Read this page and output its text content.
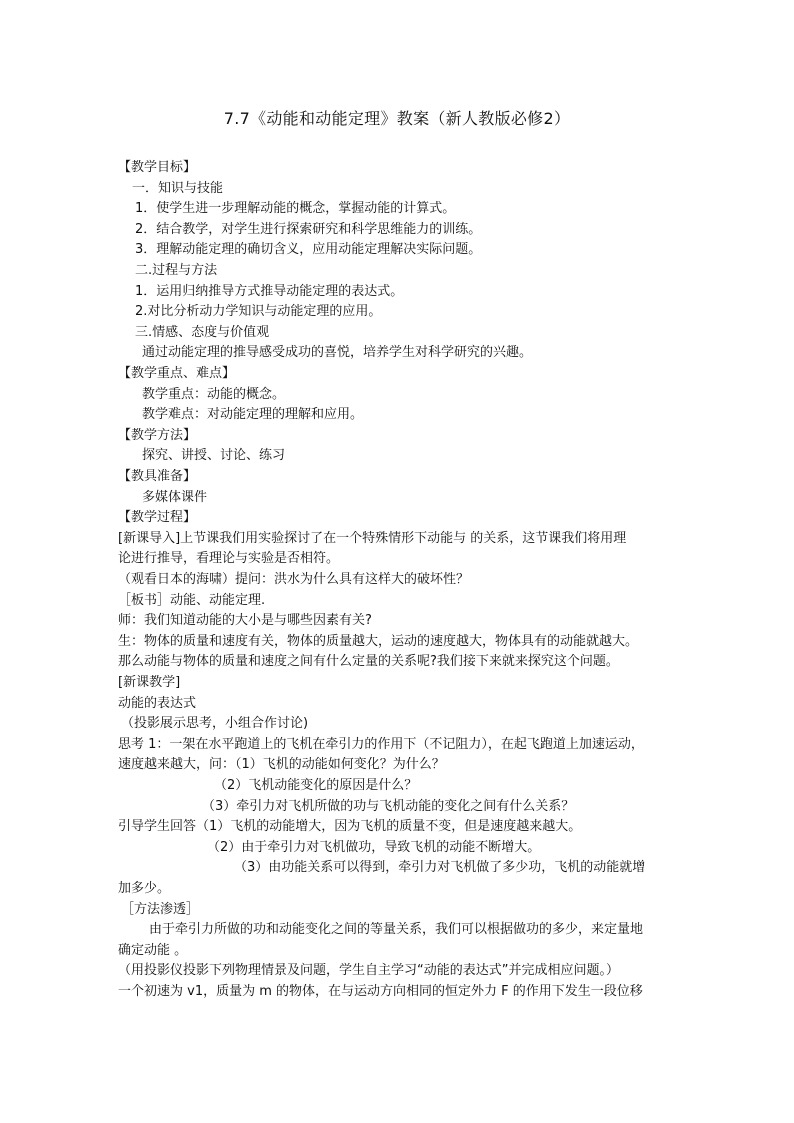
7.7《动能和动能定理》教案（新人教版必修2）
【教学目标】
一．知识与技能
1．使学生进一步理解动能的概念，掌握动能的计算式。
2．结合教学，对学生进行探索研究和科学思维能力的训练。
3．理解动能定理的确切含义，应用动能定理解决实际问题。
二.过程与方法
1．运用归纳推导方式推导动能定理的表达式。
2.对比分析动力学知识与动能定理的应用。
三.情感、态度与价值观
通过动能定理的推导感受成功的喜悦，培养学生对科学研究的兴趣。
【教学重点、难点】
教学重点：动能的概念。
教学难点：对动能定理的理解和应用。
【教学方法】
探究、讲授、讨论、练习
【教具准备】
多媒体课件
【教学过程】
[新课导入]上节课我们用实验探讨了在一个特殊情形下动能与 的关系，这节课我们将用理
论进行推导，看理论与实验是否相符。
（观看日本的海啸）提问：洪水为什么具有这样大的破坏性？
［板书］动能、动能定理.
师：我们知道动能的大小是与哪些因素有关?
生：物体的质量和速度有关，物体的质量越大，运动的速度越大，物体具有的动能就越大。
那么动能与物体的质量和速度之间有什么定量的关系呢?我们接下来就来探究这个问题。
[新课教学]
动能的表达式
（投影展示思考，小组合作讨论)
思考 1：一架在水平跑道上的飞机在牵引力的作用下（不记阻力），在起飞跑道上加速运动，
速度越来越大，问：（1）飞机的动能如何变化？为什么？
（2）飞机动能变化的原因是什么？
（3）牵引力对飞机所做的功与飞机动能的变化之间有什么关系？
引导学生回答（1）飞机的动能增大，因为飞机的质量不变，但是速度越来越大。
（2）由于牵引力对飞机做功，导致飞机的动能不断增大。
（3）由功能关系可以得到，牵引力对飞机做了多少功，飞机的动能就增
加多少。
［方法渗透］
由于牵引力所做的功和动能变化之间的等量关系，我们可以根据做功的多少，来定量地
确定动能 。
（用投影仪投影下列物理情景及问题，学生自主学习“动能的表达式”并完成相应问题。）
一个初速为 v1，质量为 m 的物体，在与运动方向相同的恒定外力 F 的作用下发生一段位移
